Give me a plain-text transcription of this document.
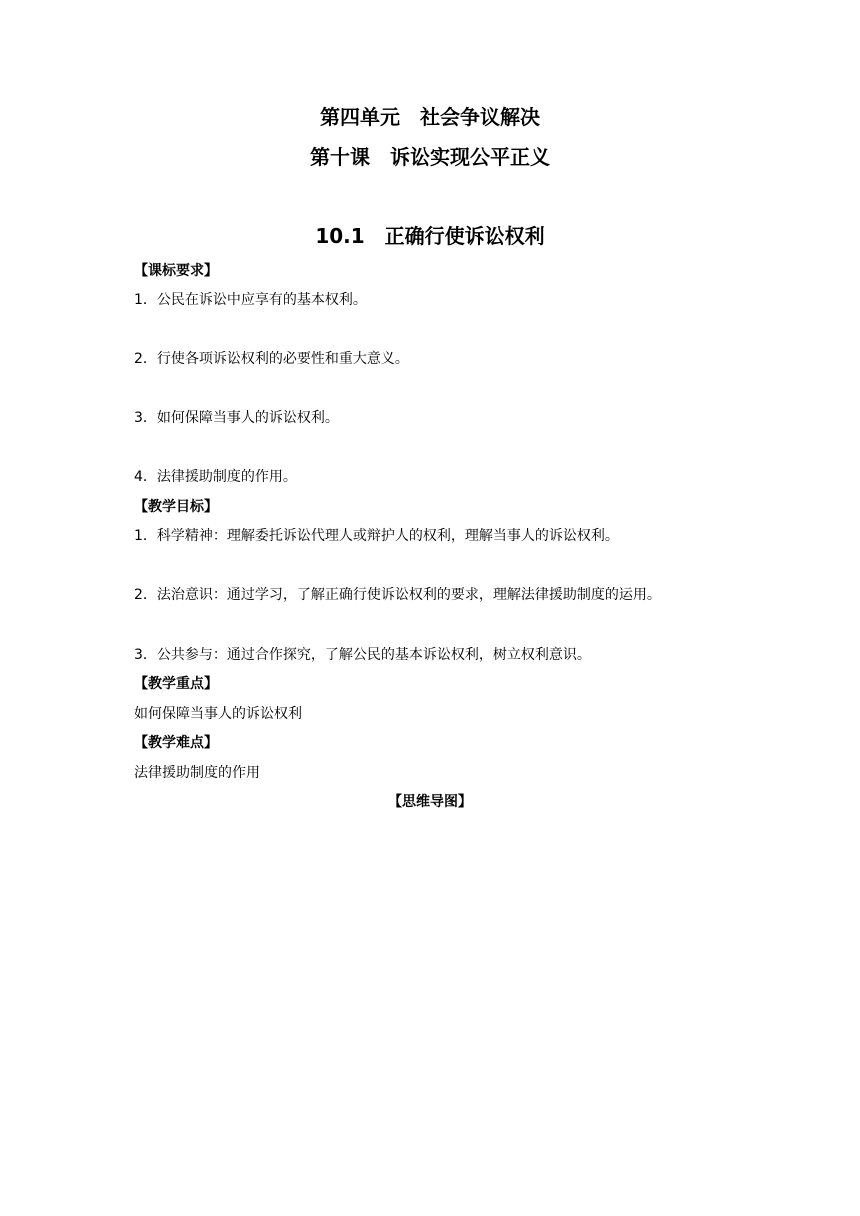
第四单元　社会争议解决
第十课　诉讼实现公平正义
10.1　正确行使诉讼权利
【课标要求】
1．公民在诉讼中应享有的基本权利。
2．行使各项诉讼权利的必要性和重大意义。
3．如何保障当事人的诉讼权利。
4．法律援助制度的作用。
【教学目标】
1．科学精神：理解委托诉讼代理人或辩护人的权利，理解当事人的诉讼权利。
2．法治意识：通过学习，了解正确行使诉讼权利的要求，理解法律援助制度的运用。
3．公共参与：通过合作探究，了解公民的基本诉讼权利，树立权利意识。
【教学重点】
如何保障当事人的诉讼权利
【教学难点】
法律援助制度的作用
【思维导图】
